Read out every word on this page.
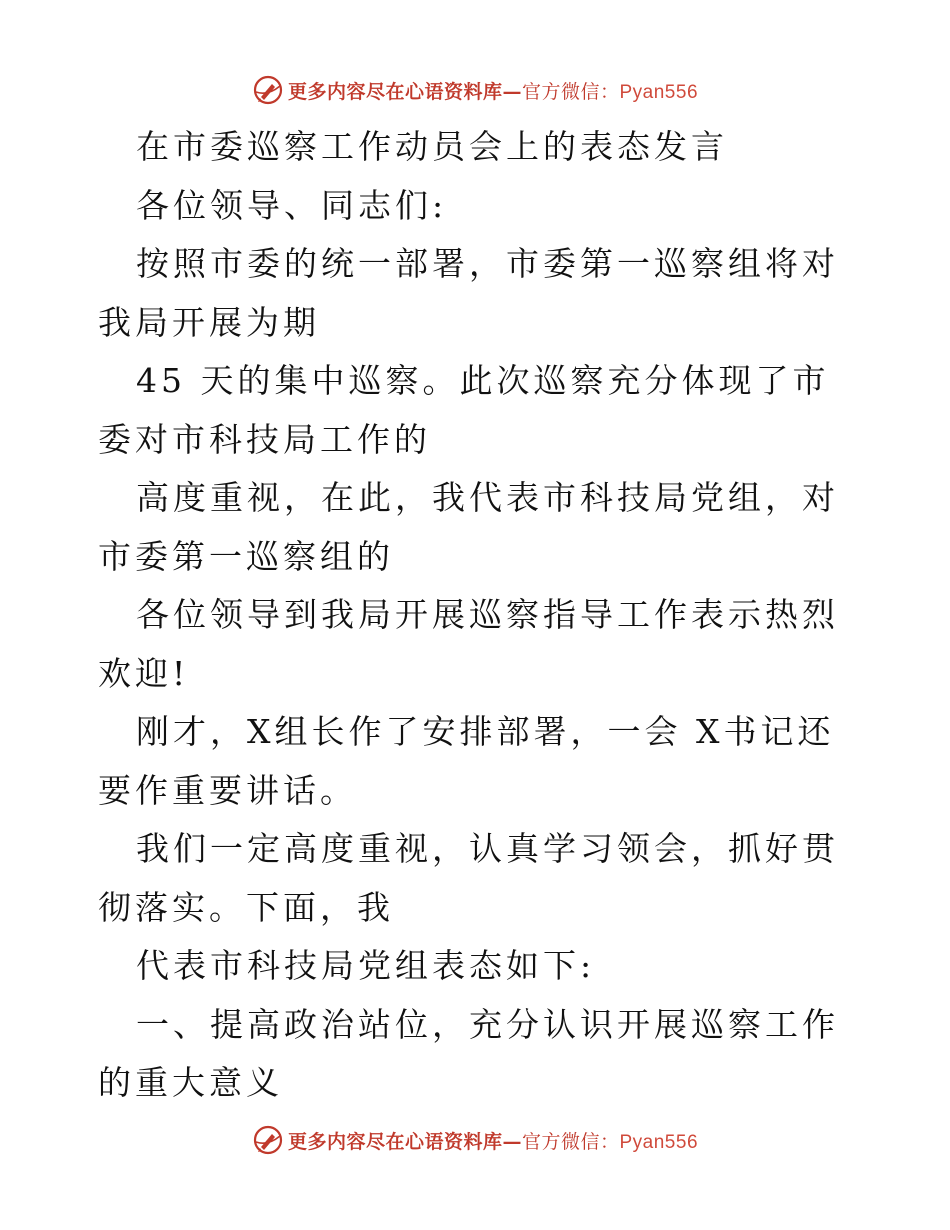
更多内容尽在心语资料库—官方微信：Pyan556

在市委巡察工作动员会上的表态发言

各位领导、同志们:

按照市委的统一部署，市委第一巡察组将对我局开展为期

45 天的集中巡察。此次巡察充分体现了市委对市科技局工作的

高度重视，在此，我代表市科技局党组，对市委第一巡察组的

各位领导到我局开展巡察指导工作表示热烈欢迎!

刚才，X组长作了安排部署，一会 X书记还要作重要讲话。

我们一定高度重视，认真学习领会，抓好贯彻落实。下面，我

代表市科技局党组表态如下:

一、提高政治站位，充分认识开展巡察工作的重大意义

更多内容尽在心语资料库—官方微信：Pyan556
